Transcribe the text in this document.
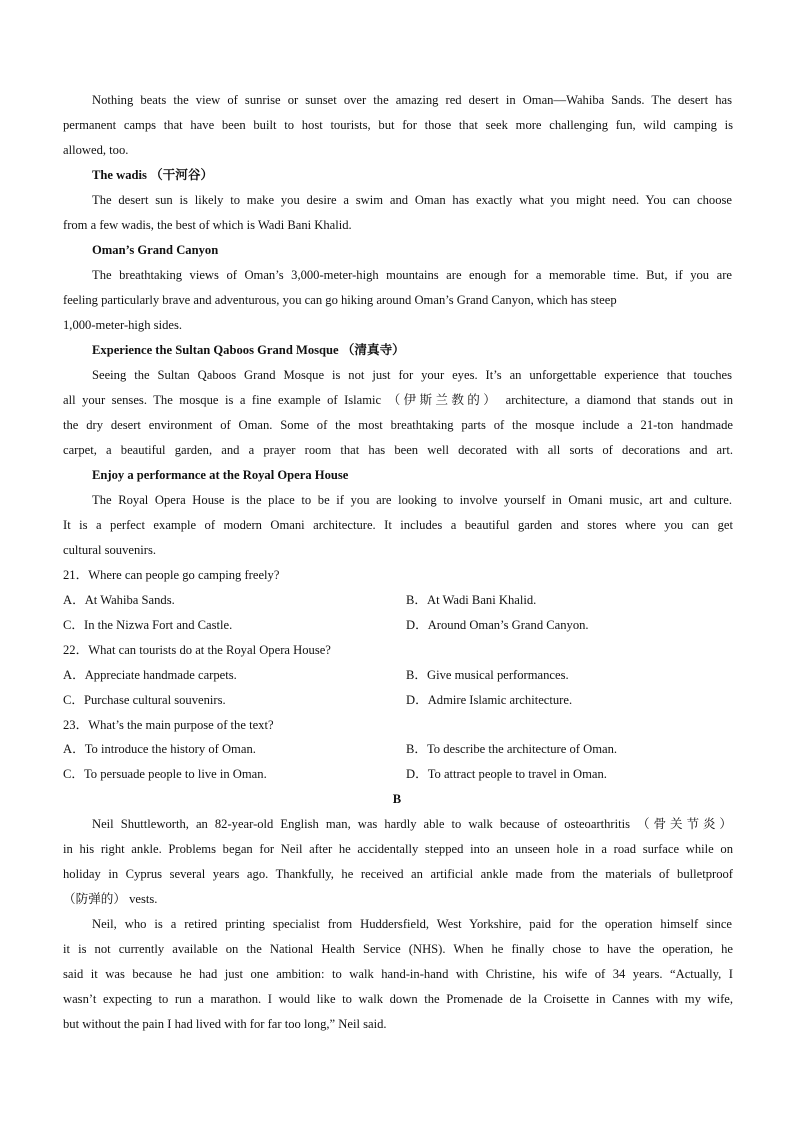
Nothing beats the view of sunrise or sunset over the amazing red desert in Oman—Wahiba Sands. The desert has
permanent camps that have been built to host tourists, but for those that seek more challenging fun, wild camping is
allowed, too.
The wadis （干河谷）
The desert sun is likely to make you desire a swim and Oman has exactly what you might need. You can choose
from a few wadis, the best of which is Wadi Bani Khalid.
Oman’s Grand Canyon
The breathtaking views of Oman’s 3,000-meter-high mountains are enough for a memorable time. But, if you are
feeling particularly brave and adventurous, you can go hiking around Oman’s Grand Canyon, which has steep
1,000-meter-high sides.
Experience the Sultan Qaboos Grand Mosque （清真寺）
Seeing the Sultan Qaboos Grand Mosque is not just for your eyes. It’s an unforgettable experience that touches
all your senses. The mosque is a fine example of Islamic （伊斯兰教的） architecture, a diamond that stands out in
the dry desert environment of Oman. Some of the most breathtaking parts of the mosque include a 21-ton handmade
carpet, a beautiful garden, and a prayer room that has been well decorated with all sorts of decorations and art.
Enjoy a performance at the Royal Opera House
The Royal Opera House is the place to be if you are looking to involve yourself in Omani music, art and culture.
It is a perfect example of modern Omani architecture. It includes a beautiful garden and stores where you can get
cultural souvenirs.
21．Where can people go camping freely?
A．At Wahiba Sands.	B．At Wadi Bani Khalid.
C．In the Nizwa Fort and Castle.	D．Around Oman’s Grand Canyon.
22．What can tourists do at the Royal Opera House?
A．Appreciate handmade carpets.	B．Give musical performances.
C．Purchase cultural souvenirs.	D．Admire Islamic architecture.
23．What’s the main purpose of the text?
A．To introduce the history of Oman.	B．To describe the architecture of Oman.
C．To persuade people to live in Oman.	D．To attract people to travel in Oman.
B
Neil Shuttleworth, an 82-year-old English man, was hardly able to walk because of osteoarthritis （骨关节炎）
in his right ankle. Problems began for Neil after he accidentally stepped into an unseen hole in a road surface while on
holiday in Cyprus several years ago. Thankfully, he received an artificial ankle made from the materials of bulletproof
（防弹的） vests.
Neil, who is a retired printing specialist from Huddersfield, West Yorkshire, paid for the operation himself since
it is not currently available on the National Health Service (NHS). When he finally chose to have the operation, he
said it was because he had just one ambition: to walk hand-in-hand with Christine, his wife of 34 years. “Actually, I
wasn’t expecting to run a marathon. I would like to walk down the Promenade de la Croisette in Cannes with my wife,
but without the pain I had lived with for far too long,” Neil said.
